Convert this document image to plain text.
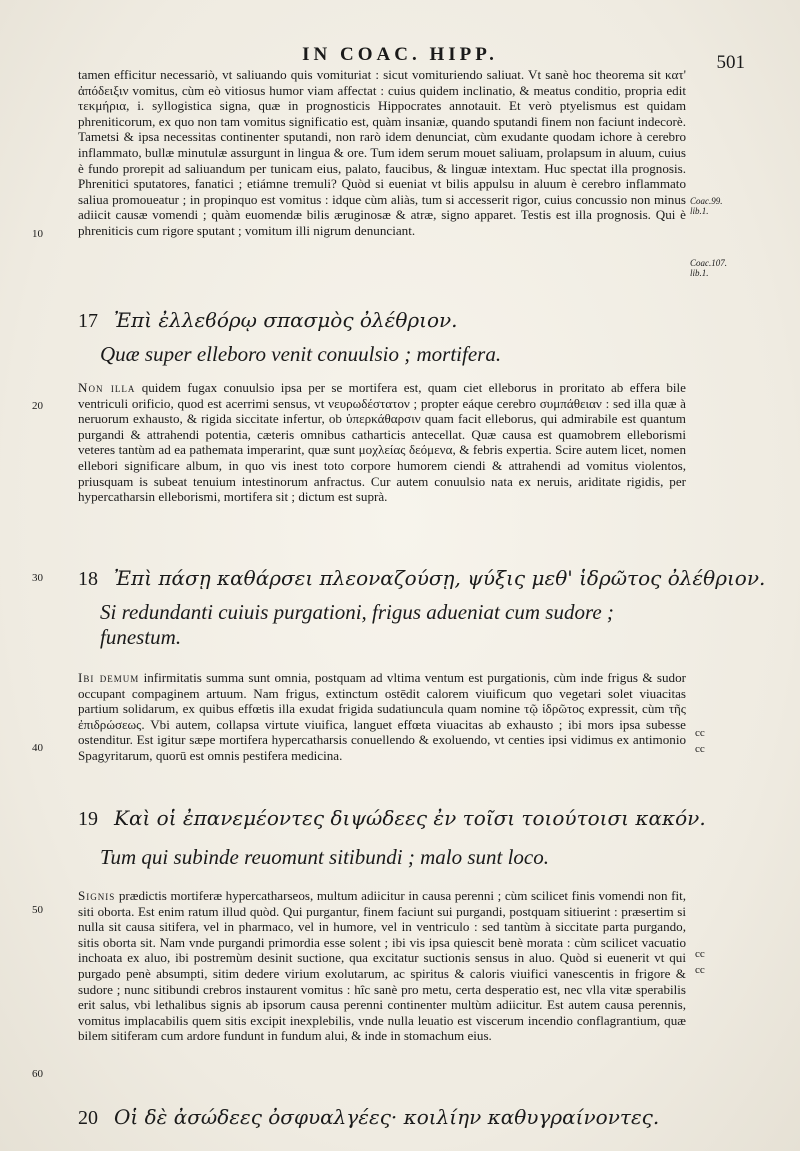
IN COAC. HIPP.	501

tamen efficitur necessariò, vt saliuando quis vomituriat : sicut vomituriendo saliuat. Vt sanè hoc theorema sit κατ' ἀπόδειξιν vomitus, cùm eò vitiosus humor viam affectat : cuius quidem inclinatio, & meatus conditio, propria edit τεκμήρια, i. syllogistica signa, quæ in prognosticis Hippocrates annotauit. Et verò ptyelismus est quidam phreniticorum, ex quo non tam vomitus significatio est, quàm insaniæ, quando sputandi finem non faciunt indecorè. Tametsi & ipsa necessitas continenter sputandi, non rarò idem denunciat, cùm exudante quodam ichore à cerebro inflammato, bullæ minutulæ assurgunt in lingua & ore. Tum idem serum mouet saliuam, prolapsum in aluum, cuius è fundo prorepit ad saliuandum per tunicam eius, palato, faucibus, & linguæ intextam. Huc spectat illa prognosis. Phrenitici sputatores, fanatici ; etiámne tremuli? Quòd si eueniat vt bilis appulsu in aluum è cerebro inflammato saliua promoueatur ; in propinquo est vomitus : idque cùm aliàs, tum si accesserit rigor, cuius concussio non minus adiicit causæ vomendi ; quàm euomendæ bilis æruginosæ & atræ, signo apparet. Testis est illa prognosis. Qui è phreniticis cum rigore sputant ; vomitum illi nigrum denunciant.

Coac.99. lib.1.
Coac.107. lib.1.
17 Ἐπὶ ἐλλεϐόρῳ σπασμὸς ὀλέθριον.
Quæ super elleboro venit conuulsio ; mortifera.

Non illa quidem fugax conuulsio ipsa per se mortifera est, quam ciet elleborus in proritato ab effera bile ventriculi orificio, quod est acerrimi sensus, vt νευρωδέστατον ; propter eáque cerebro συμπάθειαν : sed illa quæ à neruorum exhausto, & rigida siccitate infertur, ob ὑπερκάθαρσιν quam facit elleborus, qui admirabile est quantum purgandi & attrahendi potentia, cæteris omnibus catharticis antecellat. Quæ causa est quamobrem elleborismi veteres tantùm ad ea pathemata imperarint, quæ sunt μοχλείας δεόμενα, & febris expertia. Scire autem licet, nomen ellebori significare album, in quo vis inest toto corpore humorem ciendi & attrahendi ad vomitus violentos, priusquam is subeat tenuium intestinorum anfractus. Cur autem conuulsio nata ex neruis, ariditate rigidis, per hypercatharsin elleborismi, mortifera sit ; dictum est suprà.

18 Ἐπὶ πάσῃ καθάρσει πλεοναζούσῃ, ψύξις μεθ' ἱδρῶτος ὀλέθριον.
Si redundanti cuiuis purgationi, frigus adueniat cum sudore ; funestum.

Ibi demum infirmitatis summa sunt omnia, postquam ad vltima ventum est purgationis, cùm inde frigus & sudor occupant compaginem artuum. Nam frigus, extinctum ostēdit calorem viuificum quo vegetari solet viuacitas partium solidarum, ex quibus effœtis illa exudat frigida sudatiuncula quam nomine τῷ ἱδρῶτος expressit, cùm τῆς ἐπιδρώσεως. Vbi autem, collapsa virtute viuifica, languet effœta viuacitas ab exhausto ; ibi mors ipsa subesse ostenditur. Est igitur sæpe mortifera hypercatharsis conuellendo & exoluendo, vt centies ipsi vidimus ex antimonio Spagyritarum, quorū est omnis pestifera medicina.

cc
cc
19 Καὶ οἱ ἐπανεμέοντες διψώδεες ἐν τοῖσι τοιούτοισι κακόν.
Tum qui subinde reuomunt sitibundi ; malo sunt loco.

Signis prædictis mortiferæ hypercatharseos, multum adiicitur in causa perenni ; cùm scilicet finis vomendi non fit, siti oborta. Est enim ratum illud quòd. Qui purgantur, finem faciunt sui purgandi, postquam sitiuerint : præsertim si nulla sit causa sitifera, vel in pharmaco, vel in humore, vel in ventriculo : sed tantùm à siccitate parta purgando, sitis oborta sit. Nam vnde purgandi primordia esse solent ; ibi vis ipsa quiescit benè morata : cùm scilicet vacuatio inchoata ex aluo, ibi postremùm desinit suctione, qua excitatur suctionis sensus in aluo. Quòd si euenerit vt qui purgado penè absumpti, sitim dedere virium exolutarum, ac spiritus & caloris viuifici vanescentis in frigore & sudore ; nunc sitibundi crebros instaurent vomitus : hîc sanè pro metu, certa desperatio est, nec vlla vitæ sperabilis erit salus, vbi lethalibus signis ab ipsorum causa perenni continenter multùm adiicitur. Est autem causa perennis, vomitus implacabilis quem sitis excipit inexplebilis, vnde nulla leuatio est viscerum incendio conflagrantium, quæ bilem sitiferam cum ardore fundunt in fundum alui, & inde in stomachum eius.

cc
cc
20 Οἱ δὲ ἀσώδεες ὀσφυαλγέες· κοιλίην καθυγραίνοντες.
10
20
30
40
50
60
